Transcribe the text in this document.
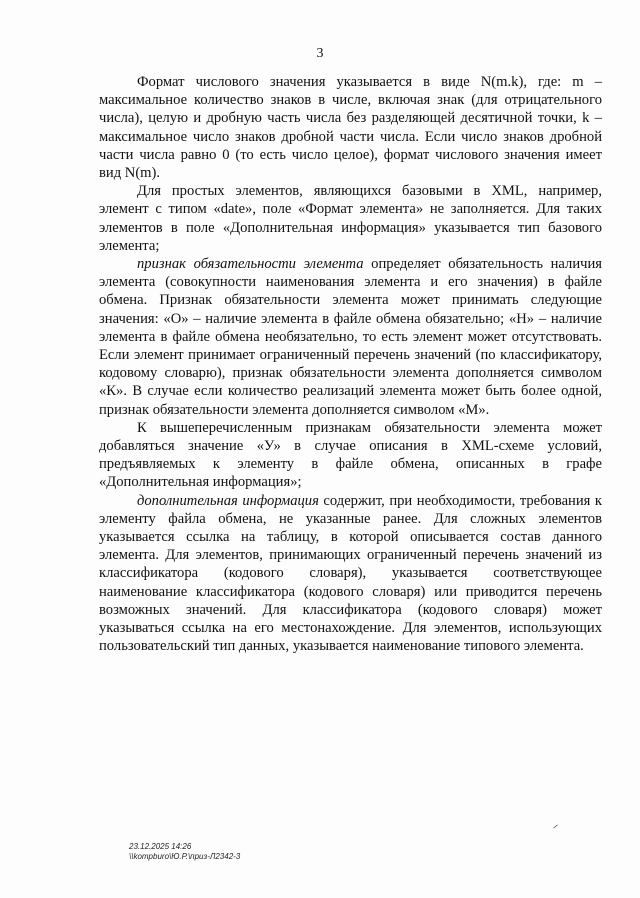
3

Формат числового значения указывается в виде N(m.k), где: m – максимальное количество знаков в числе, включая знак (для отрицательного числа), целую и дробную часть числа без разделяющей десятичной точки, k – максимальное число знаков дробной части числа. Если число знаков дробной части числа равно 0 (то есть число целое), формат числового значения имеет вид N(m).

Для простых элементов, являющихся базовыми в XML, например, элемент с типом «date», поле «Формат элемента» не заполняется. Для таких элементов в поле «Дополнительная информация» указывается тип базового элемента;

признак обязательности элемента определяет обязательность наличия элемента (совокупности наименования элемента и его значения) в файле обмена. Признак обязательности элемента может принимать следующие значения: «О» – наличие элемента в файле обмена обязательно; «Н» – наличие элемента в файле обмена необязательно, то есть элемент может отсутствовать. Если элемент принимает ограниченный перечень значений (по классификатору, кодовому словарю), признак обязательности элемента дополняется символом «К». В случае если количество реализаций элемента может быть более одной, признак обязательности элемента дополняется символом «М».

К вышеперечисленным признакам обязательности элемента может добавляться значение «У» в случае описания в XML-схеме условий, предъявляемых к элементу в файле обмена, описанных в графе «Дополнительная информация»;

дополнительная информация содержит, при необходимости, требования к элементу файла обмена, не указанные ранее. Для сложных элементов указывается ссылка на таблицу, в которой описывается состав данного элемента. Для элементов, принимающих ограниченный перечень значений из классификатора (кодового словаря), указывается соответствующее наименование классификатора (кодового словаря) или приводится перечень возможных значений. Для классификатора (кодового словаря) может указываться ссылка на его местонахождение. Для элементов, использующих пользовательский тип данных, указывается наименование типового элемента.

23.12.2025 14:26
\\kompburo\Ю.Р.\приз-Л2342-3
